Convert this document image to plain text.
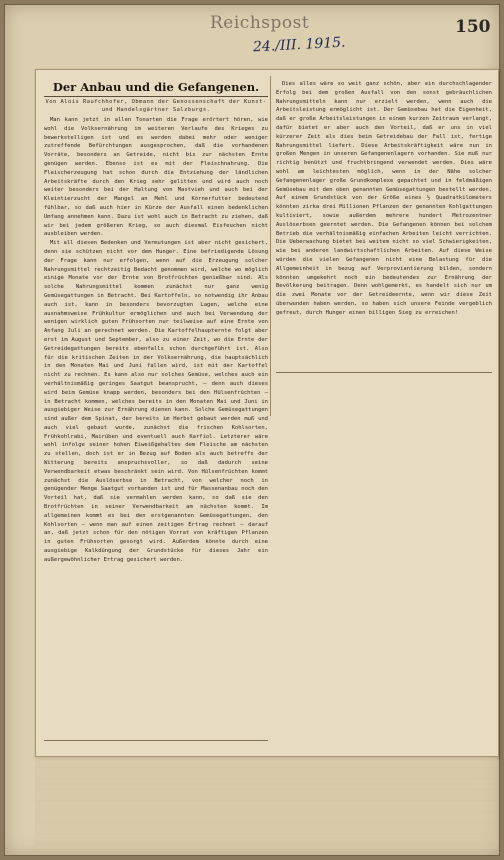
Reichspost	150
24./III. 1915.
Der Anbau und die Gefangenen.
Von Alois Raufchhofer, Obmann der Genossenschaft der Kunst- und Handelsgärtner Salzburgs.

Man kann jetzt in allen Tonarten die Frage erörtert hören, wie wohl die Volksernährung im weiteren Verlaufe des Krieges zu bewerkstelligen ist und es werden dabei mehr oder weniger zutreffende Befürchtungen ausgesprochen, daß die vorhandenen Vorräte, besonders an Getreide, nicht bis zur nächsten Ernte genügen werden. Ebenso ist es mit der Fleischnahrung. Die Fleischerzeugung hat schon durch die Entziehung der ländlichen Arbeitskräfte durch den Krieg sehr gelitten und wird auch noch weiter besonders bei der Haltung von Mastvieh und auch bei der Kleintierzucht der Mangel an Mehl und Körnerfutter bedeutend fühlbar, so daß auch hier in Kürze der Ausfall einen bedenklichen Umfang annehmen kann. Dazu ist wohl auch in Betracht zu ziehen, daß wir bei jedem größeren Krieg, so auch diesmal Eisfeuchen nicht ausbleiben werden.

Mit all diesen Bedenken und Vermutungen ist aber nicht gesichert, denn sie schützen nicht vor dem Hunger. Eine befriedigende Lösung der Frage kann nur erfolgen, wenn auf die Erzeugung solcher Nahrungsmittel rechtzeitig Bedacht genommen wird, welche wo möglich einige Monate vor der Ernte von Brotfrüchten genießbar sind. Als solche Nahrungsmittel kommen zunächst nur ganz wenig Gemüsegattungen in Betracht. Bei Kartoffeln, so notwendig ihr Anbau auch ist, kann in besonders bevorzugten Lagen, welche eine ausnahmsweise Frühkultur ermöglichen und auch bei Verwendung der wenigen wirklich guten Frühsorten nur teilweise auf eine Ernte von Anfang Juli an gerechnet werden. Die Kartoffelhaupternte folgt aber erst im August und September, also zu einer Zeit, wo die Ernte der Getreidegattungen bereits ebenfalls schon durchgeführt ist. Also für die kritischen Zeiten in der Volksernährung, die hauptsächlich in den Monaten Mai und Juni fallen wird, ist mit der Kartoffel nicht zu rechnen. Es kann also nur solches Gemüse, welches auch ein verhältnismäßig geringes Saatgut beansprucht, — denn auch dieses wird beim Gemüse knapp werden, besonders bei den Hülsenfrüchten — in Betracht kommen, welches bereits in den Monaten Mai und Juni in ausgiebiger Weise zur Ernährung dienen kann. Solche Gemüsegattungen sind außer dem Spinat, der bereits im Herbst gebaut werden muß und auch viel gebaut wurde, zunächst die frischen Kohlsorten, Frühkohlrabi, Mairüben und eventuell auch Karfiol. Letzterer wäre wohl infolge seiner hohen Eiweißgehaltes dem Fleische am nächsten zu stellen, doch ist er in Bezug auf Boden als auch betreffs der Witterung bereits anspruchsvoller, so daß dadurch seine Verwendbarkeit etwas beschränkt sein wird. Von Hülsenfrüchten kommt zunächst die Auslöserbse in Betracht, von welcher noch in genügender Menge Saatgut vorhanden ist und für Massenanbau noch den Vorteil hat, daß sie vermahlen werden kann, so daß sie den Brotfrüchten in seiner Verwendbarkeit am nächsten kommt. Im allgemeinen kommt es bei den erstgenannten Gemüsegattungen, den Kohlsorten — wenn man auf einen zeitigen Ertrag rechnet — darauf an, daß jetzt schon für den nötigen Vorrat von kräftigen Pflanzen in guten Frühsorten gesorgt wird. Außerdem könnte durch eine ausgiebige Kalkdüngung der Grundstücke für dieses Jahr ein außergewöhnlicher Ertrag gesichert werden.

Dies alles wäre so weit ganz schön, aber ein durchschlagender Erfolg bei dem großen Ausfall von den sonst gebräuchlichen Nahrungsmitteln kann nur erzielt werden, wenn auch die Arbeitsleistung ermöglicht ist. Der Gemüsebau hat die Eigenheit, daß er große Arbeitsleistungen in einem kurzen Zeitraum verlangt, dafür bietet er aber auch den Vorteil, daß er uns in viel kürzerer Zeit als dies beim Getreidebau der Fall ist, fertige Nahrungsmittel liefert. Diese Arbeitskräftigkeit wäre nun in großen Mengen in unseren Gefangenenlagern vorhanden. Sie muß nur richtig benützt und fruchtbringend verwendet werden. Dies wäre wohl am leichtesten möglich, wenn in der Nähe solcher Gefangenenlager große Grundkomplexe gepachtet und in feldmäßigen Gemüsebau mit den oben genannten Gemüsegattungen bestellt werden. Auf einem Grundstück von der Größe eines ½ Quadratkilometers könnten zirka drei Millionen Pflanzen der genannten Kohlgattungen kultiviert, sowie außerdem mehrere hundert Metrozentner Auslöserbsen geerntet werden. Die Gefangenen können bei solchem Betrieb die verhältnismäßig einfachen Arbeiten leicht verrichten. Die Ueberwachung bietet bei weitem nicht so viel Schwierigkeiten, wie bei anderen landwirtschaftlichen Arbeiten. Auf diese Weise würden die vielen Gefangenen nicht eine Belastung für die Allgemeinheit in bezug auf Verproviantierung bilden, sondern könnten umgekehrt noch ein bedeutendes zur Ernährung der Bevölkerung beitragen. Denn wohlgemerkt, es handelt sich nur um die zwei Monate vor der Getreideernte, wenn wir diese Zeit überwunden haben werden, so haben sich unsere Feinde vergeblich gefreut, durch Hunger einen billigen Sieg zu erreichen!
